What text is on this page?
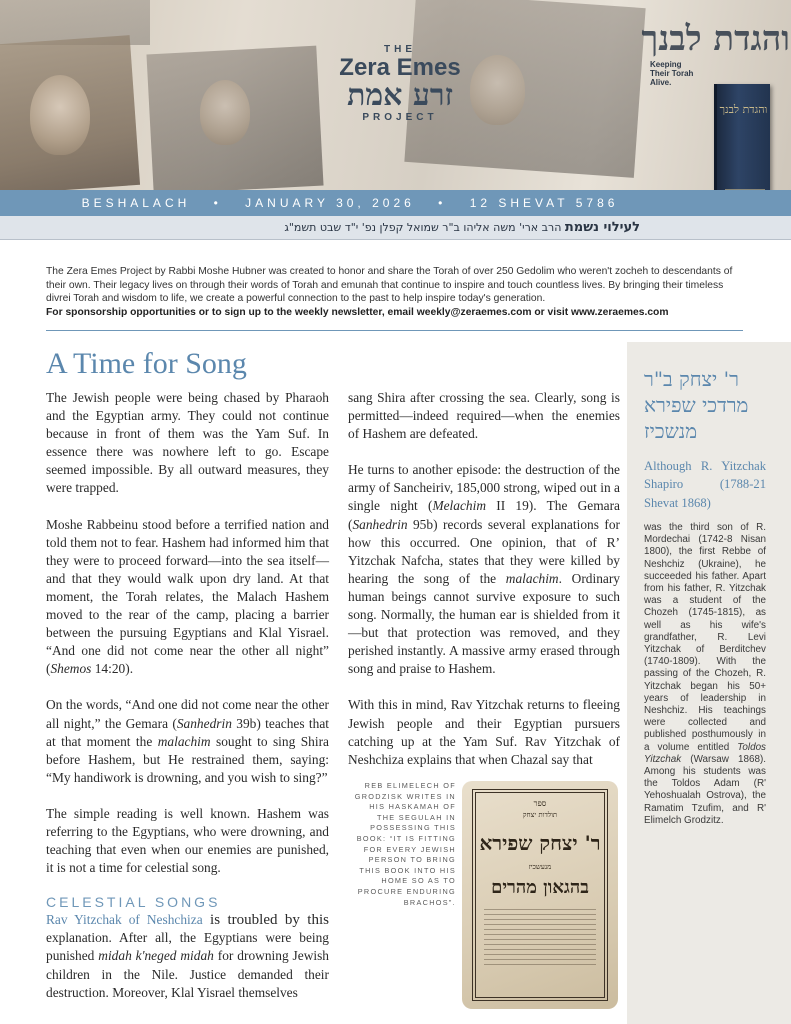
THE
Zera Emes
זרע אמת
PROJECT
והגדת לבנך
Keeping Their Torah Alive.
והגדת לבנך
BESHALACH • JANUARY 30, 2026 • 12 SHEVAT 5786
לעילוי נשמת הרב ארי' משה אליהו ב"ר שמואל קפלן נפ' י"ד שבט תשמ"ג
The Zera Emes Project by Rabbi Moshe Hubner was created to honor and share the Torah of over 250 Gedolim who weren't zocheh to descendants of their own. Their legacy lives on through their words of Torah and emunah that continue to inspire and touch countless lives. By bringing their timeless divrei Torah and wisdom to life, we create a powerful connection to the past to help inspire today's generation.
For sponsorship opportunities or to sign up to the weekly newsletter, email weekly@zeraemes.com or visit www.zeraemes.com
A Time for Song

The Jewish people were being chased by Pharaoh and the Egyptian army. They could not continue because in front of them was the Yam Suf. In essence there was nowhere left to go. Escape seemed impossible. By all outward measures, they were trapped.

Moshe Rabbeinu stood before a terrified nation and told them not to fear. Hashem had informed him that they were to proceed forward—into the sea itself—and that they would walk upon dry land. At that moment, the Torah relates, the Malach Hashem moved to the rear of the camp, placing a barrier between the pursuing Egyptians and Klal Yisrael. “And one did not come near the other all night” (Shemos 14:20).

On the words, “And one did not come near the other all night,” the Gemara (Sanhedrin 39b) teaches that at that moment the malachim sought to sing Shira before Hashem, but He restrained them, saying: “My handiwork is drowning, and you wish to sing?”

The simple reading is well known. Hashem was referring to the Egyptians, who were drowning, and teaching that even when our enemies are punished, it is not a time for celestial song.

CELESTIAL SONGS
Rav Yitzchak of Neshchiza is troubled by this explanation. After all, the Egyptians were being punished midah k'neged midah for drowning Jewish children in the Nile. Justice demanded their destruction. Moreover, Klal Yisrael themselves

sang Shira after crossing the sea. Clearly, song is permitted—indeed required—when the enemies of Hashem are defeated.

He turns to another episode: the destruction of the army of Sancheiriv, 185,000 strong, wiped out in a single night (Melachim II 19). The Gemara (Sanhedrin 95b) records several explanations for how this occurred. One opinion, that of R’ Yitzchak Nafcha, states that they were killed by hearing the song of the malachim. Ordinary human beings cannot survive exposure to such song. Normally, the human ear is shielded from it—but that protection was removed, and they perished instantly. A massive army erased through song and praise to Hashem.

With this in mind, Rav Yitzchak returns to fleeing Jewish people and their Egyptian pursuers catching up at the Yam Suf. Rav Yitzchak of Neshchiza explains that when Chazal say that

REB ELIMELECH OF GRODZISK WRITES IN HIS HASKAMAH OF THE SEGULAH IN POSSESSING THIS BOOK: “IT IS FITTING FOR EVERY JEWISH PERSON TO BRING THIS BOOK INTO HIS HOME SO AS TO PROCURE ENDURING BRACHOS”.
ספר
תולדות יצחק
ר' יצחק שפירא
מנעשכיז
בהגאון מהרים
ר' יצחק ב"ר מרדכי שפירא מנשכיז
Although R. Yitzchak Shapiro (1788-21 Shevat 1868)
was the third son of R. Mordechai (1742-8 Nisan 1800), the first Rebbe of Neshchiz (Ukraine), he succeeded his father. Apart from his father, R. Yitzchak was a student of the Chozeh (1745-1815), as well as his wife's grandfather, R. Levi Yitzchak of Berditchev (1740-1809). With the passing of the Chozeh, R. Yitzchak began his 50+ years of leadership in Neshchiz. His teachings were collected and published posthumously in a volume entitled Toldos Yitzchak (Warsaw 1868). Among his students was the Toldos Adam (R' Yehoshualah Ostrova), the Ramatim Tzufim, and R' Elimelch Grodzitz.
